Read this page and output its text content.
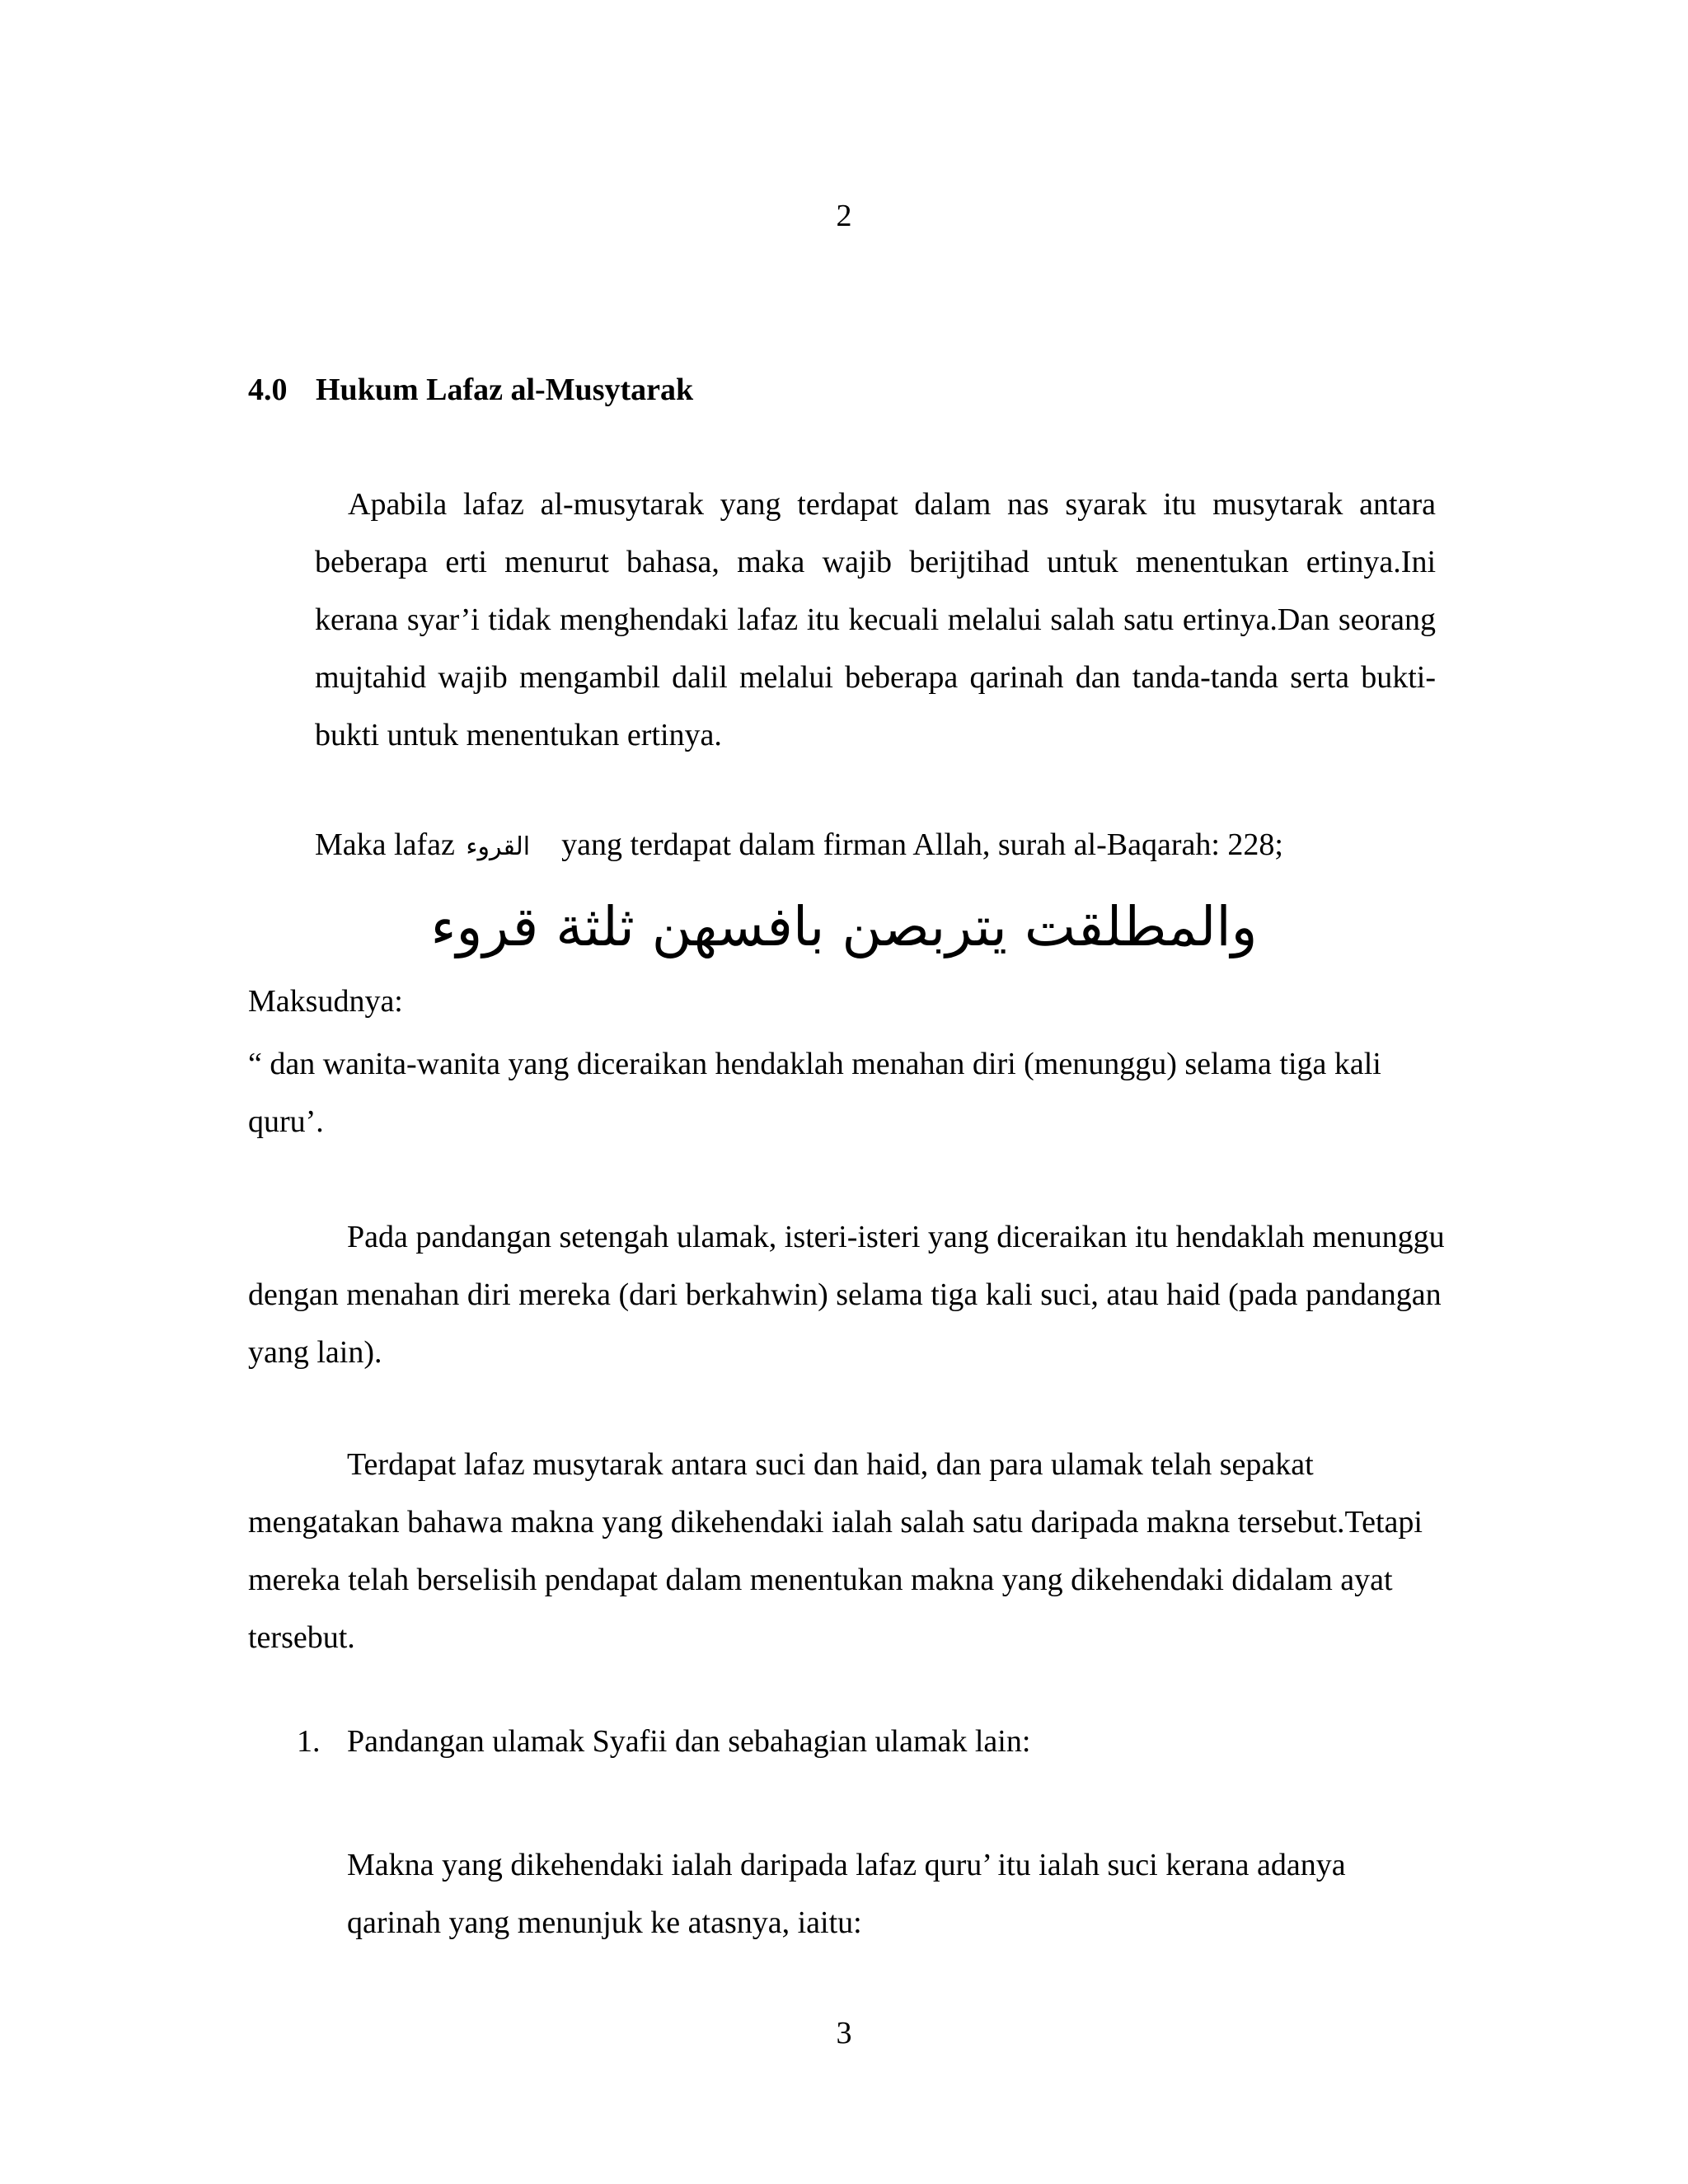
2
4.0 Hukum Lafaz al-Musytarak

Apabila lafaz al-musytarak yang terdapat dalam nas syarak itu musytarak antara beberapa erti menurut bahasa, maka wajib berijtihad untuk menentukan ertinya.Ini kerana syar’i tidak menghendaki lafaz itu kecuali melalui salah satu ertinya.Dan seorang mujtahid wajib mengambil dalil melalui beberapa qarinah dan tanda-tanda serta bukti-bukti untuk menentukan ertinya.

Maka lafaz القروء yang terdapat dalam firman Allah, surah al-Baqarah: 228;
والمطلقت يتربصن بافسهن ثلثة قروء
Maksudnya:

“ dan wanita-wanita yang diceraikan hendaklah menahan diri (menunggu) selama tiga kali quru’.

Pada pandangan setengah ulamak, isteri-isteri yang diceraikan itu hendaklah menunggu dengan menahan diri mereka (dari berkahwin) selama tiga kali suci, atau haid (pada pandangan yang lain).

Terdapat lafaz musytarak antara suci dan haid, dan para ulamak telah sepakat mengatakan bahawa makna yang dikehendaki ialah salah satu daripada makna tersebut.Tetapi mereka telah berselisih pendapat dalam menentukan makna yang dikehendaki didalam ayat tersebut.

1. Pandangan ulamak Syafii dan sebahagian ulamak lain:

Makna yang dikehendaki ialah daripada lafaz quru’ itu ialah suci kerana adanya qarinah yang menunjuk ke atasnya, iaitu:

3
